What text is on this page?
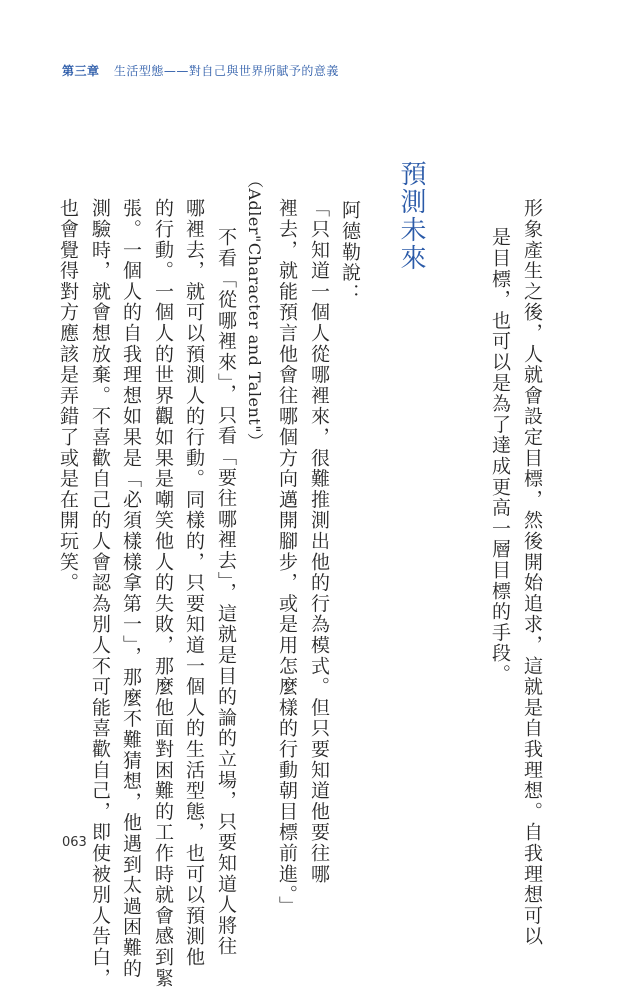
第三章 生活型態——對自己與世界所賦予的意義
形象產生之後，人就會設定目標，然後開始追求，這就是自我理想。自我理想可以
是目標，也可以是為了達成更高一層目標的手段。
預測未來
阿德勒說：
「只知道一個人從哪裡來，很難推測出他的行為模式。但只要知道他要往哪
裡去，就能預言他會往哪個方向邁開腳步，或是用怎麼樣的行動朝目標前進。」
（Adler"Character and Talent"）
不看「從哪裡來」，只看「要往哪裡去」，這就是目的論的立場，只要知道人將往
哪裡去，就可以預測人的行動。同樣的，只要知道一個人的生活型態，也可以預測他
的行動。一個人的世界觀如果是嘲笑他人的失敗，那麼他面對困難的工作時就會感到緊
張。一個人的自我理想如果是「必須樣樣拿第一」，那麼不難猜想，他遇到太過困難的
測驗時，就會想放棄。不喜歡自己的人會認為別人不可能喜歡自己，即使被別人告白，
也會覺得對方應該是弄錯了或是在開玩笑。
063
